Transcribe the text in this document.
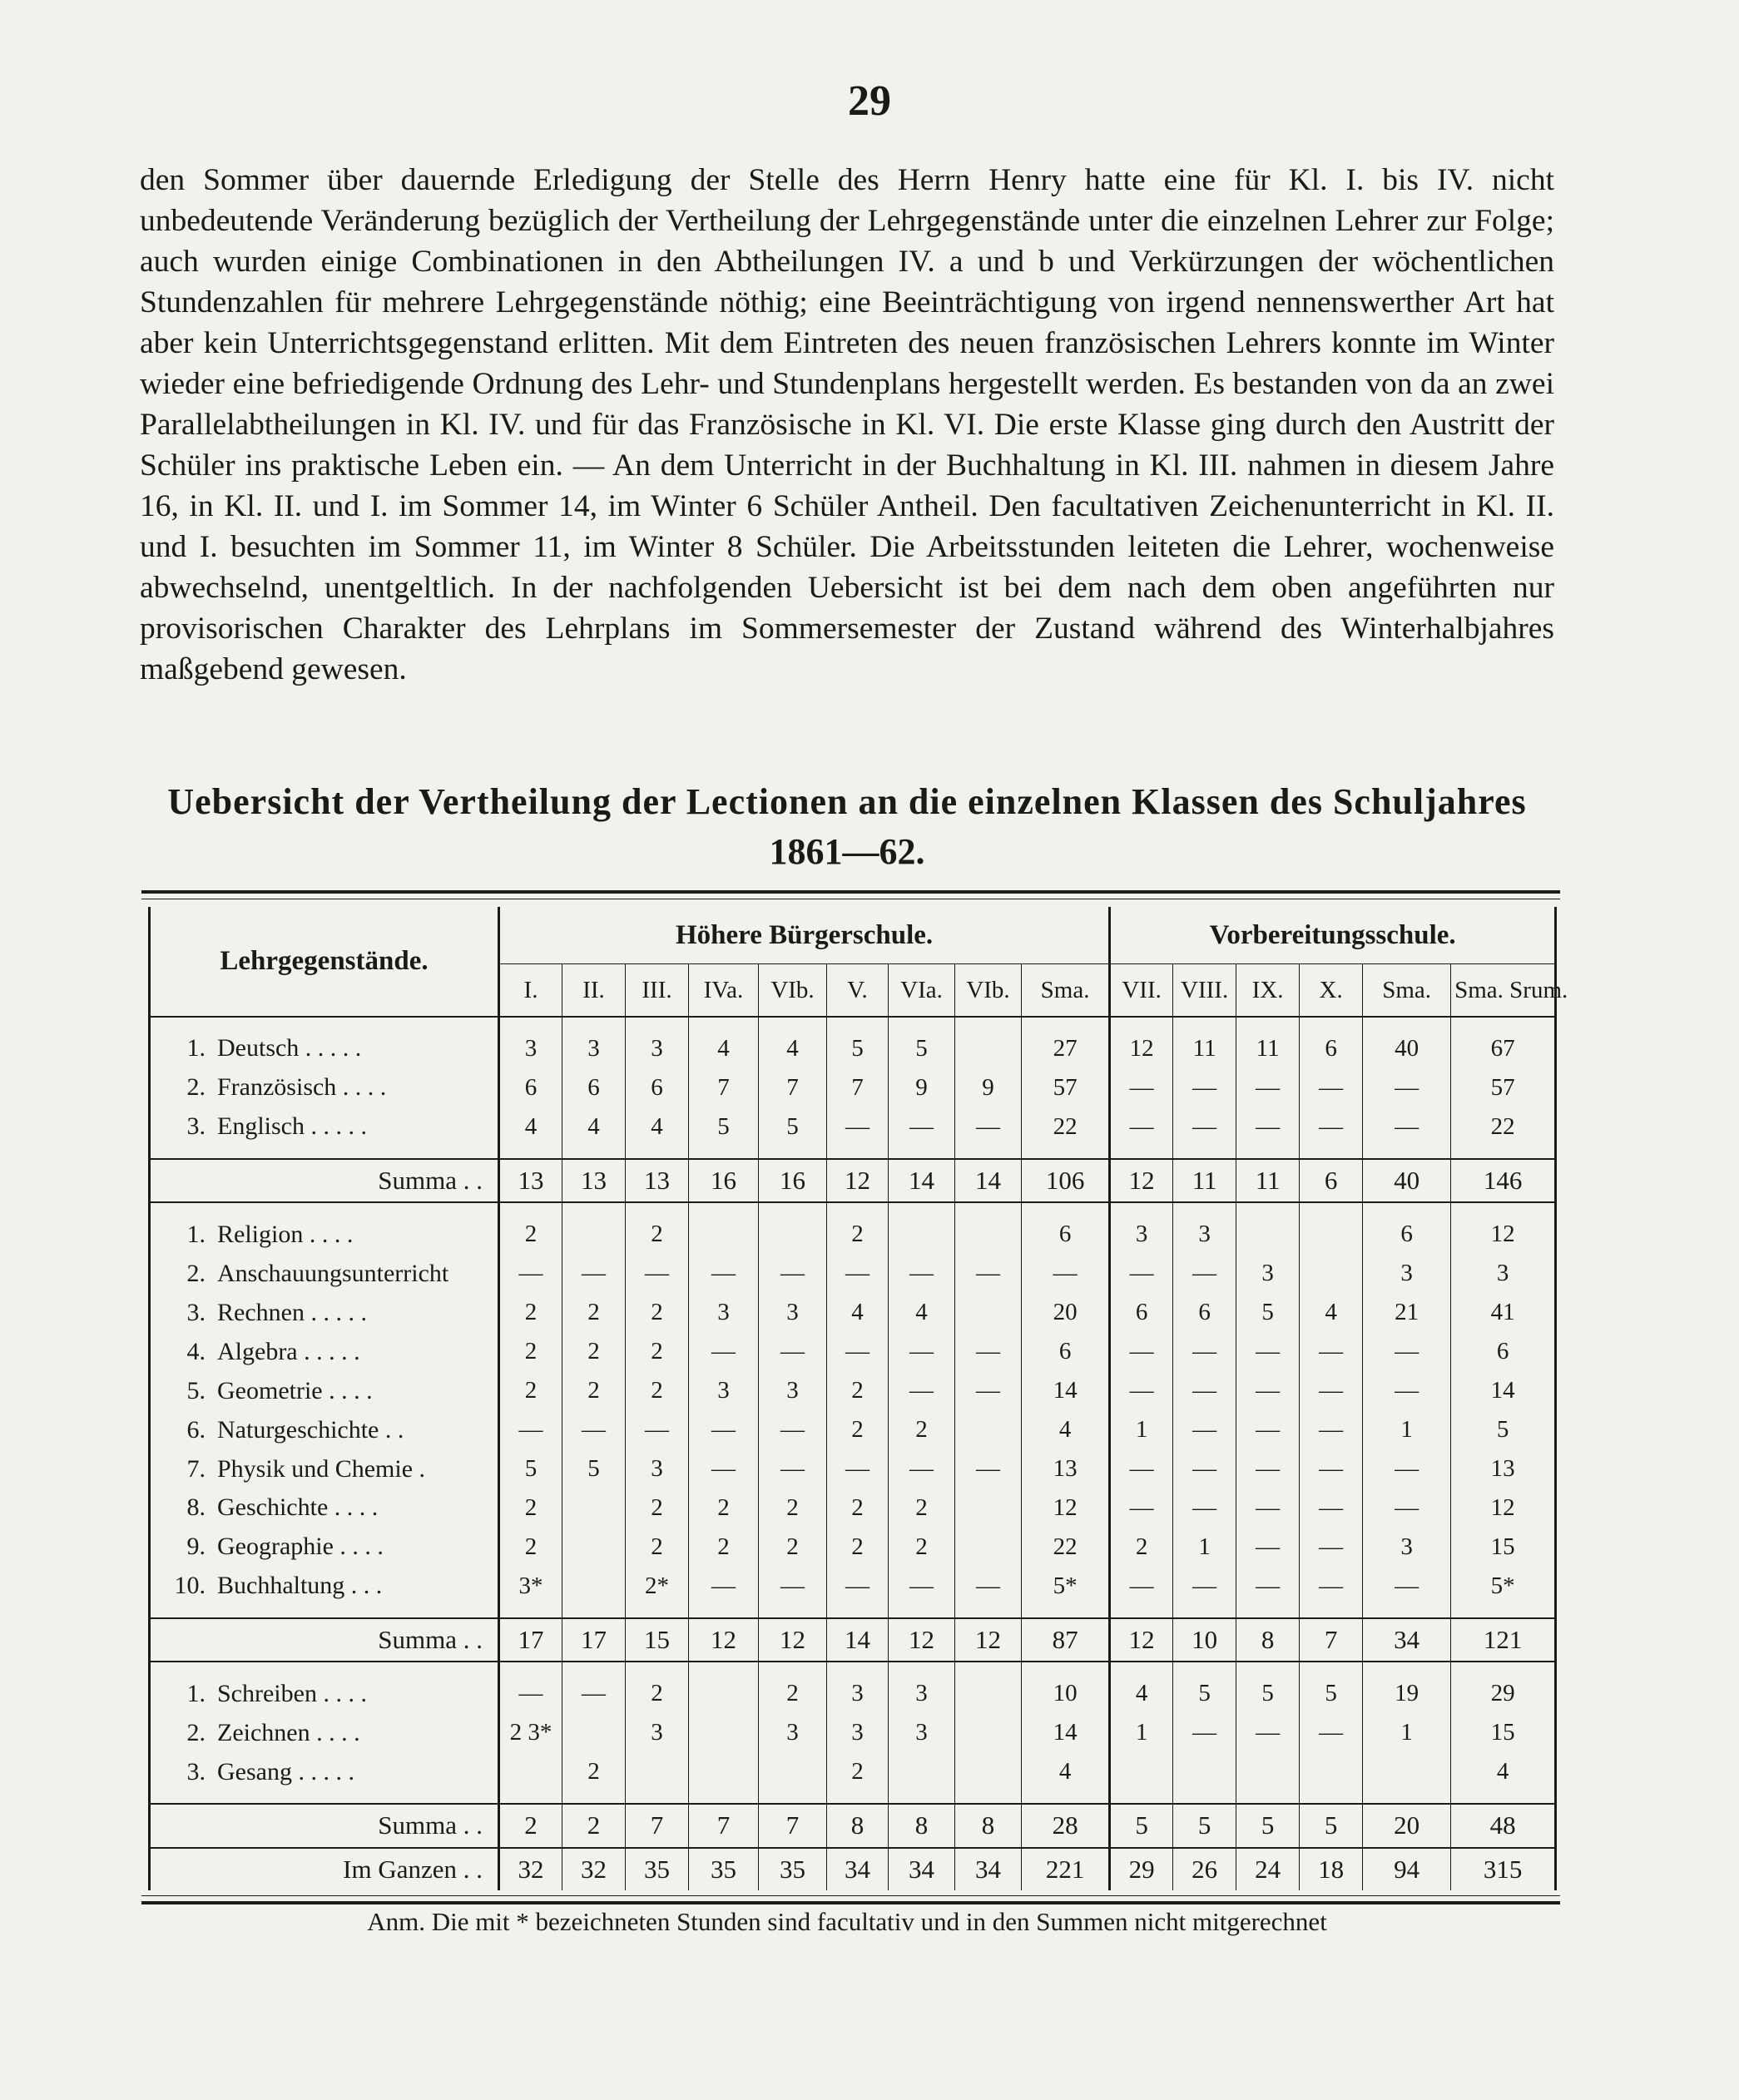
29
den Sommer über dauernde Erledigung der Stelle des Herrn Henry hatte eine für Kl. I. bis IV. nicht unbedeutende Veränderung bezüglich der Vertheilung der Lehrgegenstände unter die einzelnen Lehrer zur Folge; auch wurden einige Combinationen in den Abtheilungen IV. a und b und Verkürzungen der wöchentlichen Stundenzahlen für mehrere Lehrgegenstände nöthig; eine Beeinträchtigung von irgend nennenswerther Art hat aber kein Unterrichtsgegenstand erlitten. Mit dem Eintreten des neuen französischen Lehrers konnte im Winter wieder eine befriedigende Ordnung des Lehr- und Stundenplans hergestellt werden. Es bestanden von da an zwei Parallelabtheilungen in Kl. IV. und für das Französische in Kl. VI. Die erste Klasse ging durch den Austritt der Schüler ins praktische Leben ein. — An dem Unterricht in der Buchhaltung in Kl. III. nahmen in diesem Jahre 16, in Kl. II. und I. im Sommer 14, im Winter 6 Schüler Antheil. Den facultativen Zeichenunterricht in Kl. II. und I. besuchten im Sommer 11, im Winter 8 Schüler. Die Arbeitsstunden leiteten die Lehrer, wochenweise abwechselnd, unentgeltlich. In der nachfolgenden Uebersicht ist bei dem nach dem oben angeführten nur provisorischen Charakter des Lehrplans im Sommersemester der Zustand während des Winterhalbjahres maßgebend gewesen.
Uebersicht der Vertheilung der Lectionen an die einzelnen Klassen des Schuljahres
1861—62.
Lehrgegenstände.	Höhere Bürgerschule.									Vorbereitungsschule.					
	I.	II.	III.	IVa.	VIb.	V.	VIa.	VIb.	Sma.	VII.	VIII.	IX.	X.	Sma.	Sma. Srum.

1. Deutsch . . . . .	3	3	3	4	4	5	5		27	12	11	11	6	40	67
2. Französisch . . . .	6	6	6	7	7	7	9	9	57	—	—	—	—	—	57
3. Englisch . . . . .	4	4	4	5	5	—	—	—	22	—	—	—	—	—	22

Summa . .	13	13	13	16	16	12	14	14	106	12	11	11	6	40	146

1. Religion . . . .	2		2			2			6	3	3			6	12
2. Anschauungsunterricht	—	—	—	—	—	—	—	—	—	—	—	3		3	3
3. Rechnen . . . . .	2	2	2	3	3	4	4		20	6	6	5	4	21	41
4. Algebra . . . . .	2	2	2	—	—	—	—	—	6	—	—	—	—	—	6
5. Geometrie . . . .	2	2	2	3	3	2	—	—	14	—	—	—	—	—	14
6. Naturgeschichte . .	—	—	—	—	—	2	2		4	1	—	—	—	1	5
7. Physik und Chemie .	5	5	3	—	—	—	—	—	13	—	—	—	—	—	13
8. Geschichte . . . .	2		2	2	2	2	2		12	—	—	—	—	—	12
9. Geographie . . . .	2		2	2	2	2	2		22	2	1	—	—	3	15
10. Buchhaltung . . .	3*		2*	—	—	—	—	—	5*	—	—	—	—	—	5*

Summa . .	17	17	15	12	12	14	12	12	87	12	10	8	7	34	121

1. Schreiben . . . .	—	—	2		2	3	3		10	4	5	5	5	19	29
2. Zeichnen . . . .	2 3*		3		3	3	3		14	1	—	—	—	1	15
3. Gesang . . . . .		2				2			4						4

Summa . .	2	2	7	7	7	8	8	8	28	5	5	5	5	20	48
Im Ganzen . .	32	32	35	35	35	34	34	34	221	29	26	24	18	94	315
Anm. Die mit * bezeichneten Stunden sind facultativ und in den Summen nicht mitgerechnet
